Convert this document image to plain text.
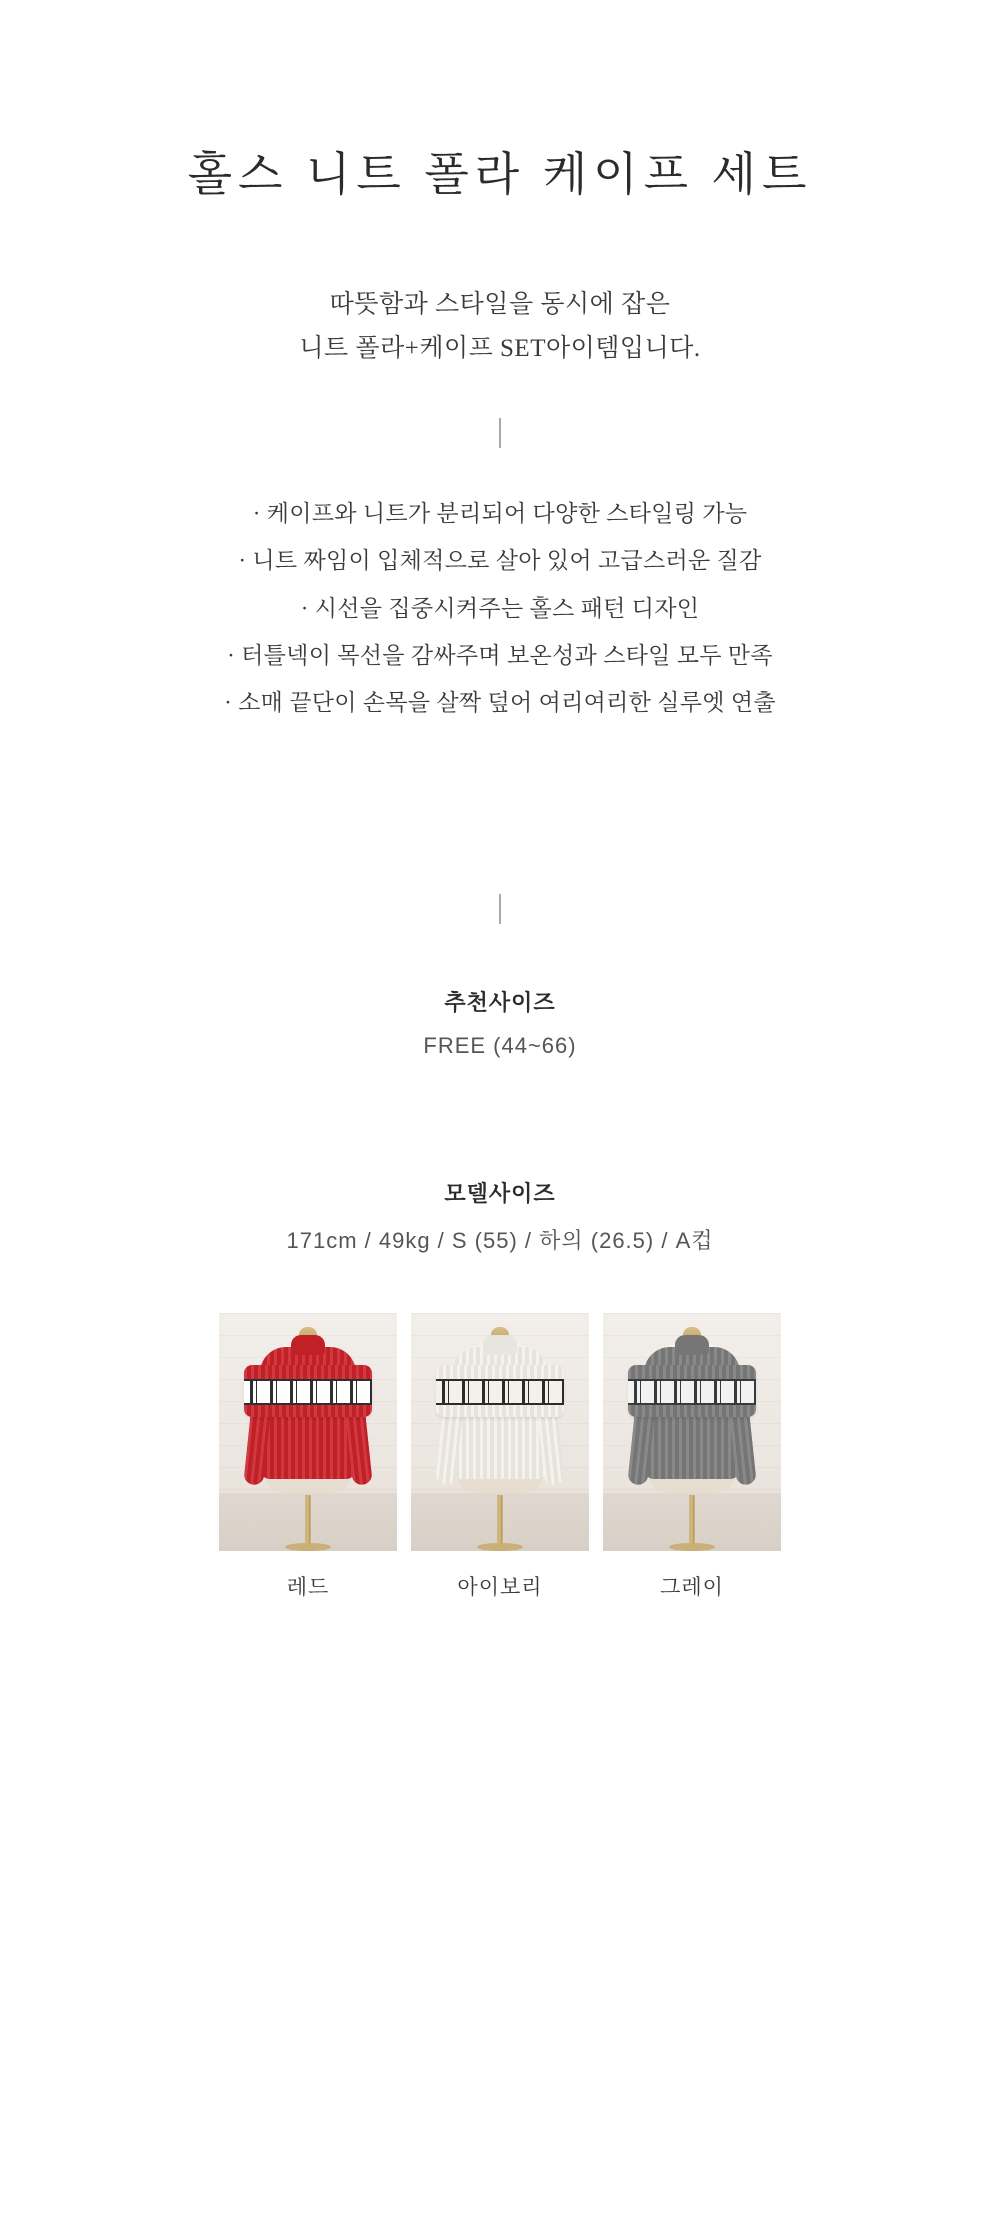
홀스 니트 폴라 케이프 세트
따뜻함과 스타일을 동시에 잡은
니트 폴라+케이프 SET아이템입니다.
· 케이프와 니트가 분리되어 다양한 스타일링 가능
· 니트 짜임이 입체적으로 살아 있어 고급스러운 질감
· 시선을 집중시켜주는 홀스 패턴 디자인
· 터틀넥이 목선을 감싸주며 보온성과 스타일 모두 만족
· 소매 끝단이 손목을 살짝 덮어 여리여리한 실루엣 연출
추천사이즈
FREE (44~66)
모델사이즈
171cm / 49kg / S (55) / 하의 (26.5) / A컵
레드	아이보리	그레이
